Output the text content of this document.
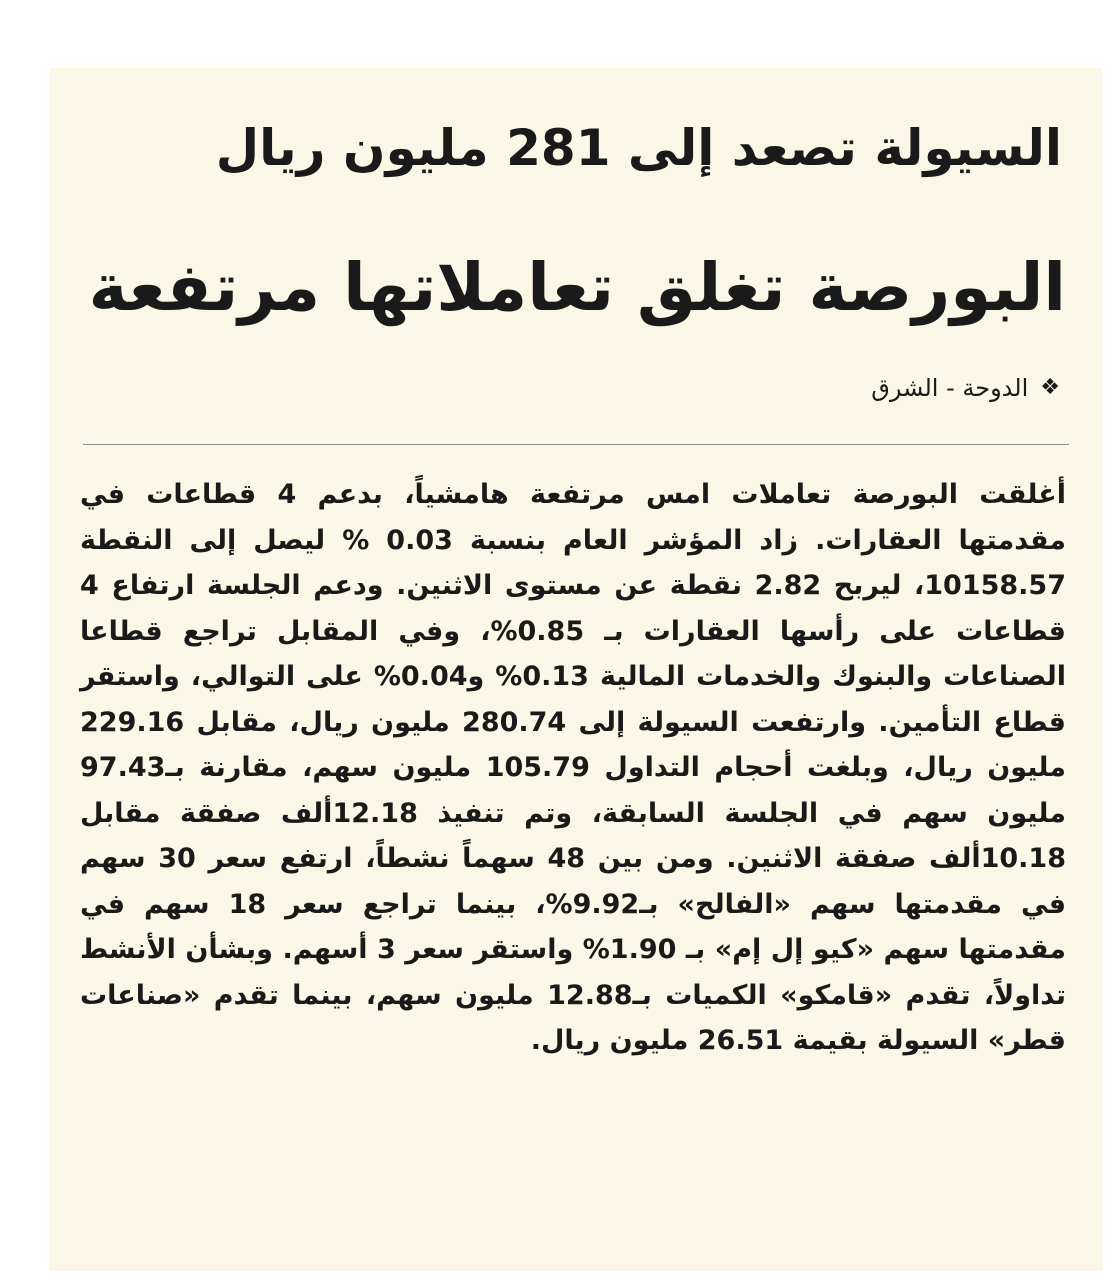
السيولة تصعد إلى 281 مليون ريال
البورصة تغلق تعاملاتها مرتفعة
❖
الدوحة - الشرق

أغلقت البورصة تعاملات امس مرتفعة هامشياً، بدعم 4 قطاعات في مقدمتها العقارات. زاد المؤشر العام بنسبة 0.03 % ليصل إلى النقطة 10158.57، ليربح 2.82 نقطة عن مستوى الاثنين. ودعم الجلسة ارتفاع 4 قطاعات على رأسها العقارات بـ 0.85%، وفي المقابل تراجع قطاعا الصناعات والبنوك والخدمات المالية 0.13% و0.04% على التوالي، واستقر قطاع التأمين. وارتفعت السيولة إلى 280.74 مليون ريال، مقابل 229.16 مليون ريال، وبلغت أحجام التداول 105.79 مليون سهم، مقارنة بـ97.43 مليون سهم في الجلسة السابقة، وتم تنفيذ 12.18ألف صفقة مقابل 10.18ألف صفقة الاثنين. ومن بين 48 سهماً نشطاً، ارتفع سعر 30 سهم في مقدمتها سهم «الفالح» بـ9.92%، بينما تراجع سعر 18 سهم في مقدمتها سهم «كيو إل إم» بـ 1.90% واستقر سعر 3 أسهم. وبشأن الأنشط تداولاً، تقدم «قامكو» الكميات بـ12.88 مليون سهم، بينما تقدم «صناعات قطر» السيولة بقيمة 26.51 مليون ريال.
